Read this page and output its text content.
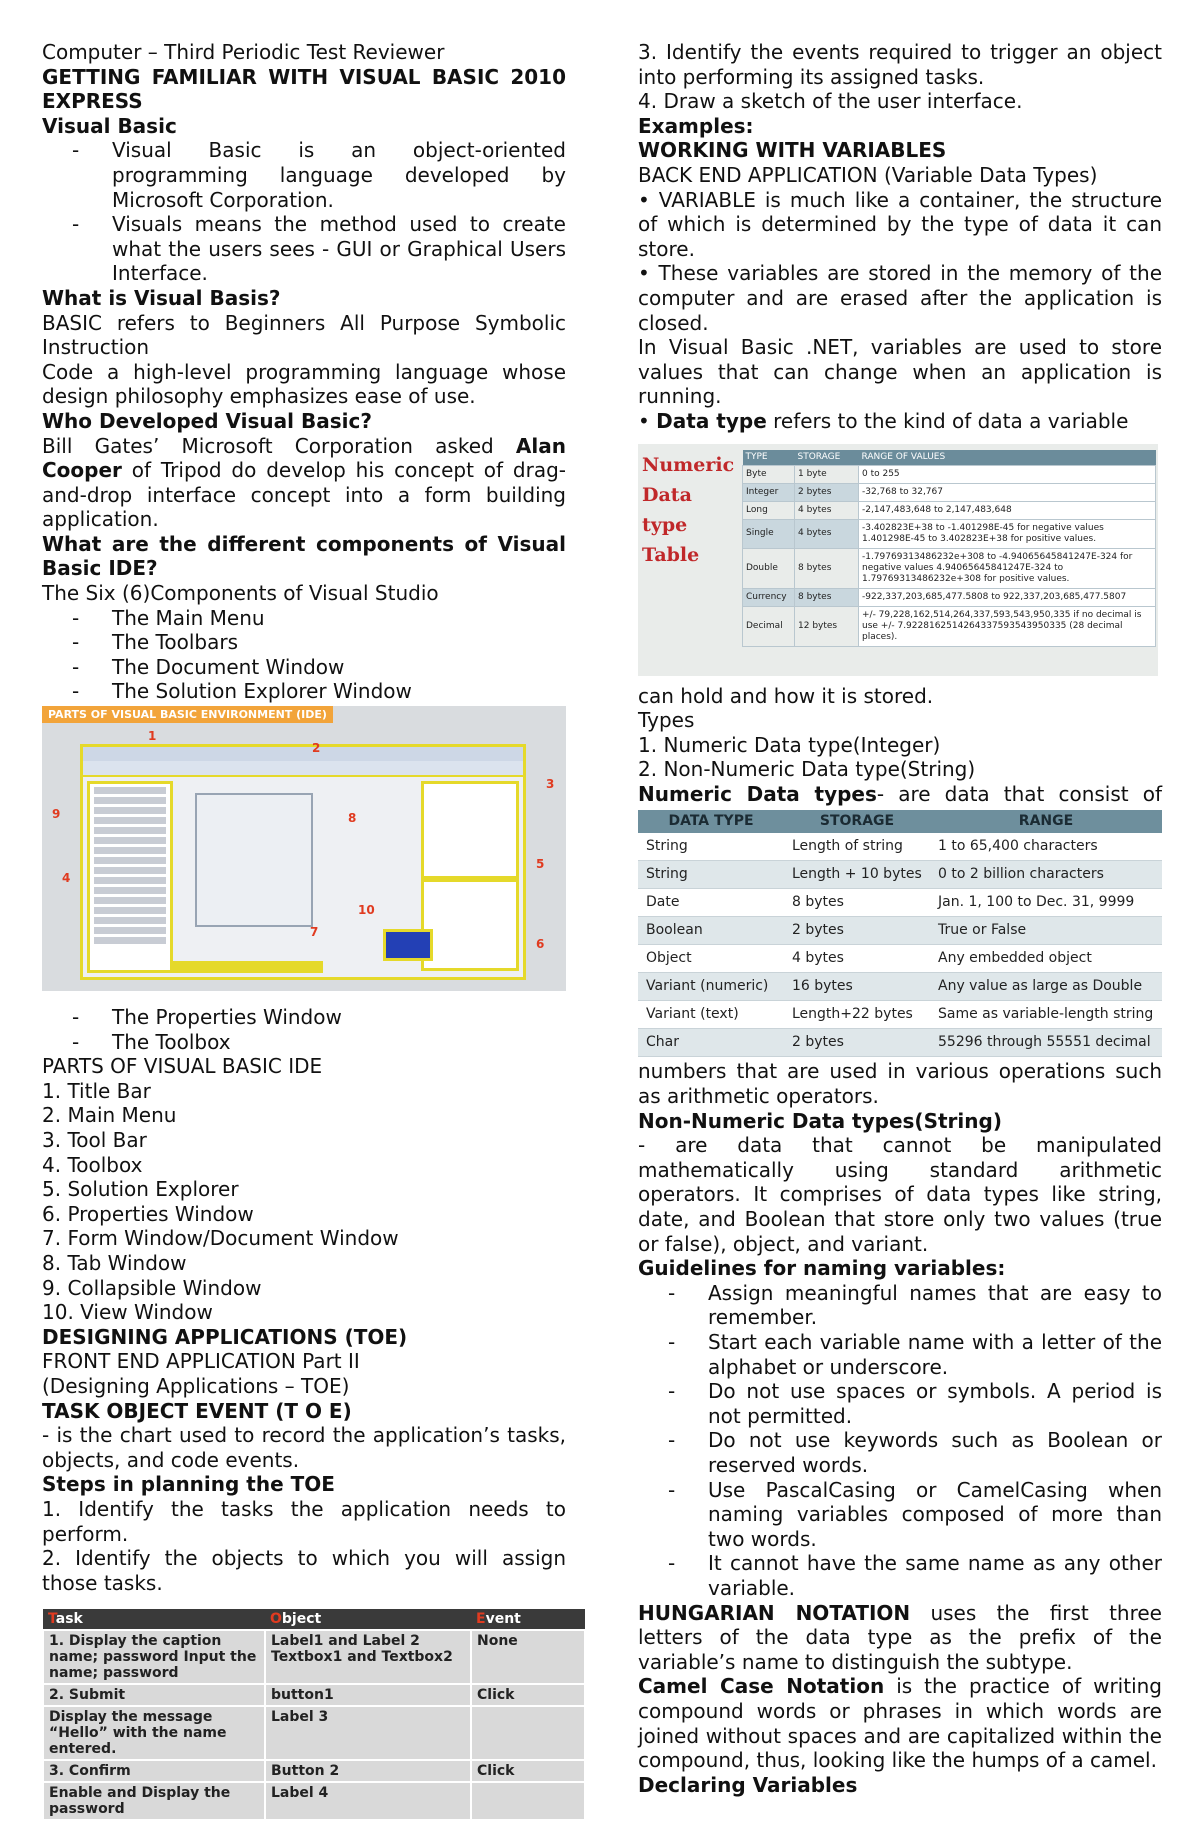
Computer – Third Periodic Test Reviewer

GETTING FAMILIAR WITH VISUAL BASIC 2010 EXPRESS

Visual Basic

- Visual Basic is an object-oriented programming language developed by Microsoft Corporation.

- Visuals means the method used to create what the users sees - GUI or Graphical Users Interface.

What is Visual Basis?

BASIC refers to Beginners All Purpose Symbolic Instruction

Code a high-level programming language whose design philosophy emphasizes ease of use.

Who Developed Visual Basic?

Bill Gates’ Microsoft Corporation asked Alan Cooper of Tripod do develop his concept of drag-and-drop interface concept into a form building application.

What are the different components of Visual Basic IDE?

The Six (6)Components of Visual Studio

- The Main Menu

- The Toolbars

- The Document Window

- The Solution Explorer Window

PARTS OF VISUAL BASIC ENVIRONMENT (IDE)
1
2
3
4
5
6
7
8
9
10

- The Properties Window

- The Toolbox

PARTS OF VISUAL BASIC IDE

1. Title Bar

2. Main Menu

3. Tool Bar

4. Toolbox

5. Solution Explorer

6. Properties Window

7. Form Window/Document Window

8. Tab Window

9. Collapsible Window

10. View Window

DESIGNING APPLICATIONS (TOE)

FRONT END APPLICATION Part II

(Designing Applications – TOE)

TASK OBJECT EVENT (T O E)

- is the chart used to record the application’s tasks, objects, and code events.

Steps in planning the TOE

1. Identify the tasks the application needs to perform.

2. Identify the objects to which you will assign those tasks.

Task	Object	Event
1. Display the caption name; password Input the name; password	Label1 and Label 2 Textbox1 and Textbox2	None
2. Submit	button1	Click
Display the message “Hello” with the name entered.	Label 3	
3. Confirm	Button 2	Click
Enable and Display the password	Label 4	

3. Identify the events required to trigger an object into performing its assigned tasks.

4. Draw a sketch of the user interface.

Examples:

WORKING WITH VARIABLES

BACK END APPLICATION (Variable Data Types)

• VARIABLE is much like a container, the structure of which is determined by the type of data it can store.

• These variables are stored in the memory of the computer and are erased after the application is closed.

In Visual Basic .NET, variables are used to store values that can change when an application is running.

• Data type refers to the kind of data a variable

Numeric
Data
type Table
TYPE	STORAGE	RANGE OF VALUES
Byte	1 byte	0 to 255
Integer	2 bytes	-32,768 to 32,767
Long	4 bytes	-2,147,483,648 to 2,147,483,648
Single	4 bytes	-3.402823E+38 to -1.401298E-45 for negative values 1.401298E-45 to 3.402823E+38 for positive values.
Double	8 bytes	-1.79769313486232e+308 to -4.94065645841247E-324 for negative values 4.94065645841247E-324 to 1.79769313486232e+308 for positive values.
Currency	8 bytes	-922,337,203,685,477.5808 to 922,337,203,685,477.5807
Decimal	12 bytes	+/- 79,228,162,514,264,337,593,543,950,335 if no decimal is use +/- 7.9228162514264337593543950335 (28 decimal places).

can hold and how it is stored.

Types

1. Numeric Data type(Integer)

2. Non-Numeric Data type(String)

Numeric Data types- are data that consist of

DATA TYPE	STORAGE	RANGE
String	Length of string	1 to 65,400 characters
String	Length + 10 bytes	0 to 2 billion characters
Date	8 bytes	Jan. 1, 100 to Dec. 31, 9999
Boolean	2 bytes	True or False
Object	4 bytes	Any embedded object
Variant (numeric)	16 bytes	Any value as large as Double
Variant (text)	Length+22 bytes	Same as variable-length string
Char	2 bytes	55296 through 55551 decimal

numbers that are used in various operations such as arithmetic operators.

Non-Numeric Data types(String)

- are data that cannot be manipulated mathematically using standard arithmetic operators. It comprises of data types like string, date, and Boolean that store only two values (true or false), object, and variant.

Guidelines for naming variables:

- Assign meaningful names that are easy to remember.

- Start each variable name with a letter of the alphabet or underscore.

- Do not use spaces or symbols. A period is not permitted.

- Do not use keywords such as Boolean or reserved words.

- Use PascalCasing or CamelCasing when naming variables composed of more than two words.

- It cannot have the same name as any other variable.

HUNGARIAN NOTATION uses the first three letters of the data type as the prefix of the variable’s name to distinguish the subtype.

Camel Case Notation is the practice of writing compound words or phrases in which words are joined without spaces and are capitalized within the compound, thus, looking like the humps of a camel.

Declaring Variables
